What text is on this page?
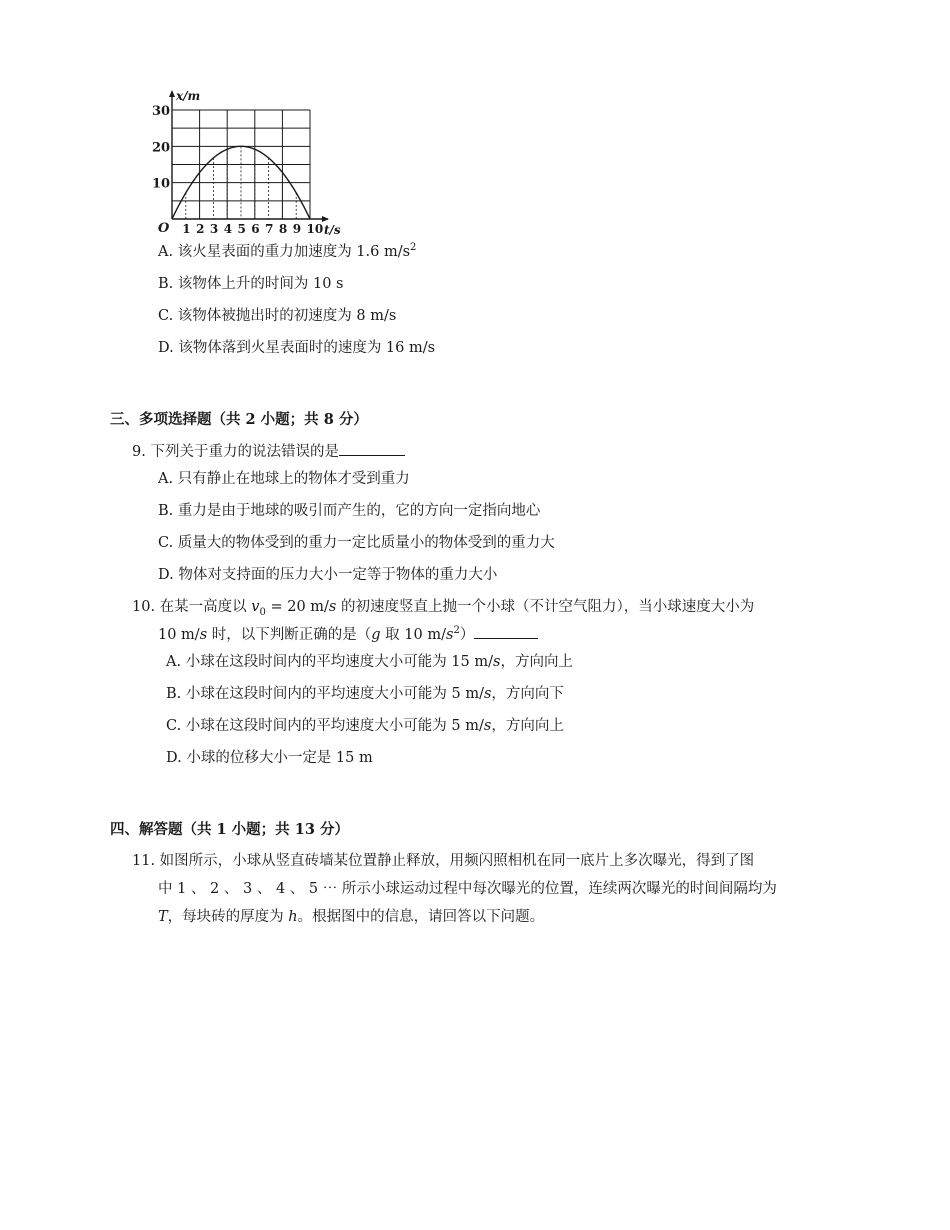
1 2 3 4 5 6 7 8 9 10
10
20
30
x/m
t/s
O
A. 该火星表面的重力加速度为 1.6 $m/s^2$
B. 该物体上升的时间为 10 s
C. 该物体被抛出时的初速度为 8 m/s
D. 该物体落到火星表面时的速度为 16 m/s
三、多项选择题（共 2 小题；共 8 分）
9. 下列关于重力的说法错误的是
A. 只有静止在地球上的物体才受到重力
B. 重力是由于地球的吸引而产生的，它的方向一定指向地心
C. 质量大的物体受到的重力一定比质量小的物体受到的重力大
D. 物体对支持面的压力大小一定等于物体的重力大小
10. 在某一高度以 $v_0 = 20$ m/s 的初速度竖直上抛一个小球（不计空气阻力），当小球速度大小为
10 m/s 时，以下判断正确的是（g 取 10 $m/s^2$）
A. 小球在这段时间内的平均速度大小可能为 15 m/s，方向向上
B. 小球在这段时间内的平均速度大小可能为 5 m/s，方向向下
C. 小球在这段时间内的平均速度大小可能为 5 m/s，方向向上
D. 小球的位移大小一定是 15 m
四、解答题（共 1 小题；共 13 分）
11. 如图所示，小球从竖直砖墙某位置静止释放，用频闪照相机在同一底片上多次曝光，得到了图
中 1 、 2 、 3 、 4 、 5 ⋯ 所示小球运动过程中每次曝光的位置，连续两次曝光的时间间隔均为
T，每块砖的厚度为 h。根据图中的信息，请回答以下问题。
